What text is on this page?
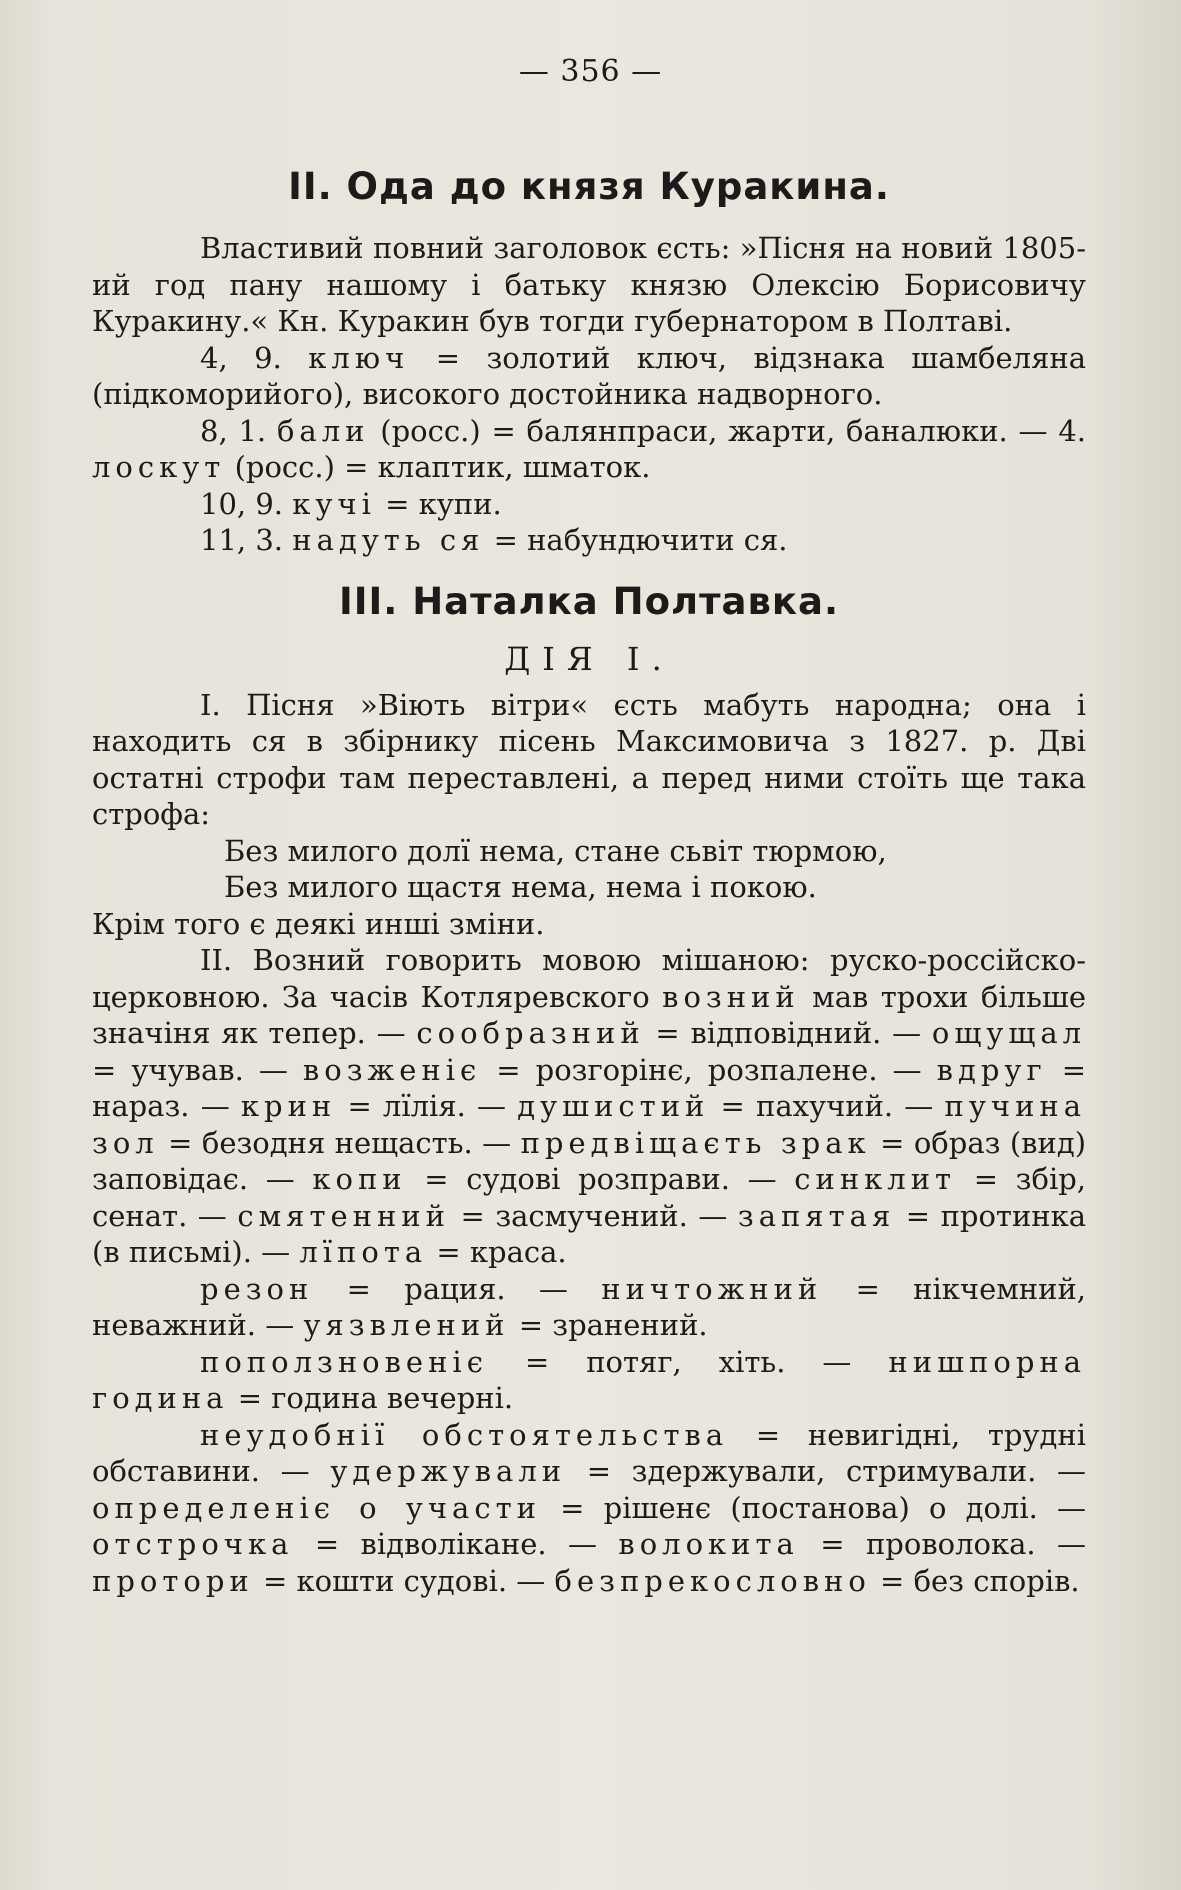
— 356 —
II. Ода до князя Куракина.

Властивий повний заголовок єсть: »Пісня на новий 1805-ий год пану нашому і батьку князю Олексію Борисовичу Куракину.« Кн. Куракин був тогди губернатором в Полтаві.

4, 9. ключ = золотий ключ, відзнака шамбеляна (підкоморийого), високого достойника надворного.

8, 1. бали (росс.) = балянпраси, жарти, баналюки. — 4. лоскут (росс.) = клаптик, шматок.

10, 9. кучі = купи.

11, 3. надуть ся = набундючити ся.

III. Наталка Полтавка.
ДІЯ І.

I. Пісня »Віють вітри« єсть мабуть народна; она і находить ся в збірнику пісень Максимовича з 1827. р. Дві остатні строфи там переставлені, а перед ними стоїть ще така строфа:

Без милого долї нема, стане сьвіт тюрмою,
Без милого щастя нема, нема і покою.

Крім того є деякі инші зміни.

II. Возний говорить мовою мішаною: руско-россійско-церковною. За часів Котляревского возний мав трохи більше значіня як тепер. — сообразний = відповідний. — ощущал = учував. — возженіє = розгорінє, розпалене. — вдруг = нараз. — крин = лїлія. — душистий = пахучий. — пучина зол = безодня нещасть. — предвіщаєть зрак = образ (вид) заповідає. — копи = судові розправи. — синклит = збір, сенат. — смятенний = засмучений. — запятая = протинка (в письмі). — лїпота = краса.

резон = рация. — ничтожний = нікчемний, неважний. — уязвлений = зранений.

поползновеніє = потяг, хіть. — нишпорна година = година вечерні.

неудобнії обстоятельства = невигідні, трудні обставини. — удержували = здержували, стримували. — определеніє о участи = рішенє (постанова) о долі. — отстрочка = відволікане. — волокита = проволока. — протори = кошти судові. — безпрекословно = без спорів.
